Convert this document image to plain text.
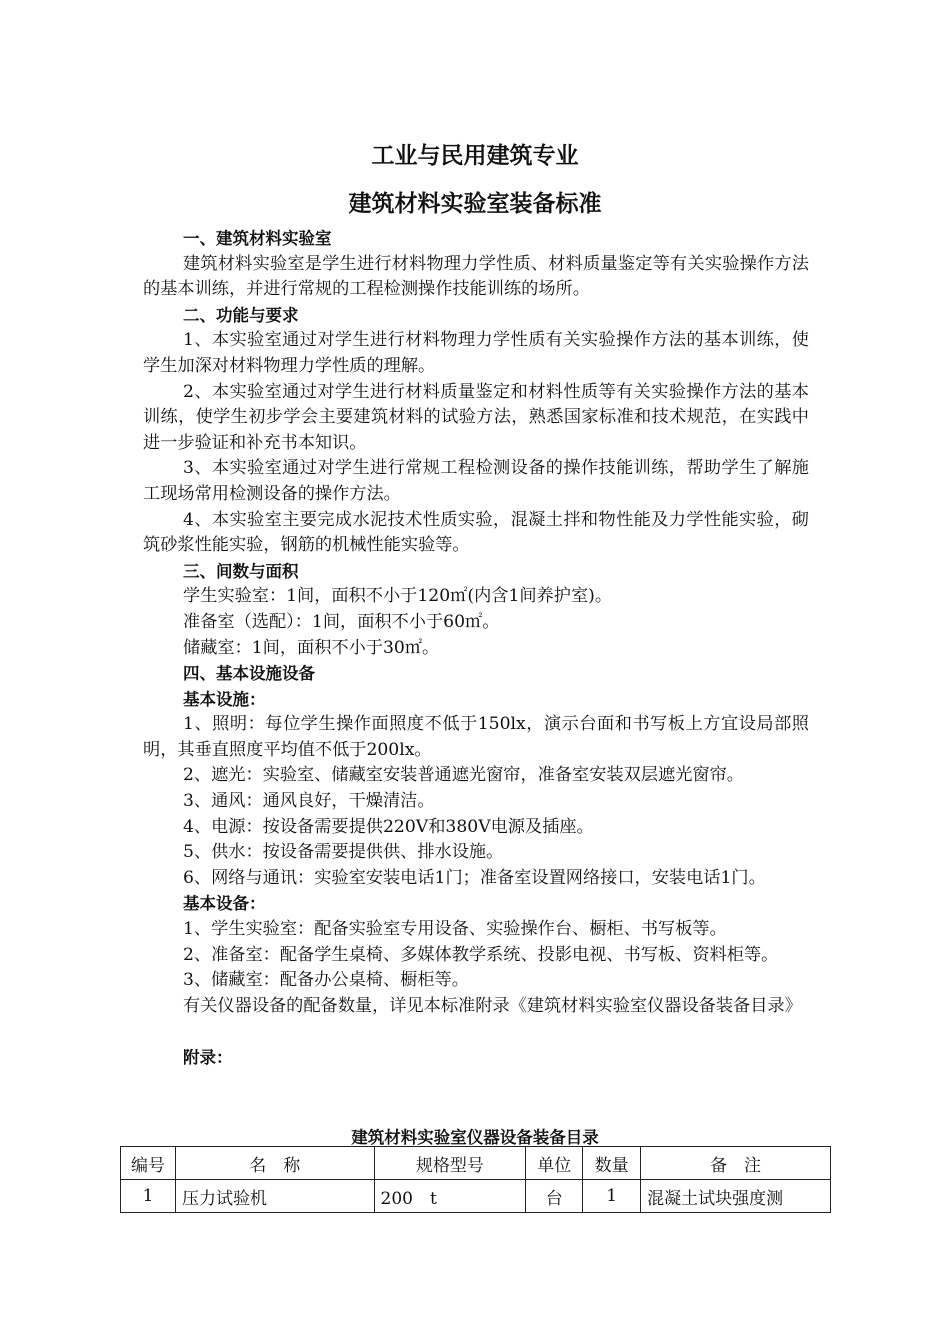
工业与民用建筑专业
建筑材料实验室装备标准

一、建筑材料实验室

建筑材料实验室是学生进行材料物理力学性质、材料质量鉴定等有关实验操作方法的基本训练，并进行常规的工程检测操作技能训练的场所。

二、功能与要求

1、本实验室通过对学生进行材料物理力学性质有关实验操作方法的基本训练，使学生加深对材料物理力学性质的理解。

2、本实验室通过对学生进行材料质量鉴定和材料性质等有关实验操作方法的基本训练，使学生初步学会主要建筑材料的试验方法，熟悉国家标准和技术规范，在实践中进一步验证和补充书本知识。

3、本实验室通过对学生进行常规工程检测设备的操作技能训练，帮助学生了解施工现场常用检测设备的操作方法。

4、本实验室主要完成水泥技术性质实验，混凝土拌和物性能及力学性能实验，砌筑砂浆性能实验，钢筋的机械性能实验等。

三、间数与面积

学生实验室：1间，面积不小于120㎡(内含1间养护室)。

准备室（选配）：1间，面积不小于60㎡。

储藏室：1间，面积不小于30㎡。

四、基本设施设备

基本设施：

1、照明：每位学生操作面照度不低于150lx，演示台面和书写板上方宜设局部照明，其垂直照度平均值不低于200lx。

2、遮光：实验室、储藏室安装普通遮光窗帘，准备室安装双层遮光窗帘。

3、通风：通风良好，干燥清洁。

4、电源：按设备需要提供220V和380V电源及插座。

5、供水：按设备需要提供供、排水设施。

6、网络与通讯：实验室安装电话1门；准备室设置网络接口，安装电话1门。

基本设备：

1、学生实验室：配备实验室专用设备、实验操作台、橱柜、书写板等。

2、准备室：配备学生桌椅、多媒体教学系统、投影电视、书写板、资料柜等。

3、储藏室：配备办公桌椅、橱柜等。

有关仪器设备的配备数量，详见本标准附录《建筑材料实验室仪器设备装备目录》

附录：

建筑材料实验室仪器设备装备目录
编号	名　称	规格型号	单位	数量	备　注
1	压力试验机	200　t	台	1	混凝土试块强度测
